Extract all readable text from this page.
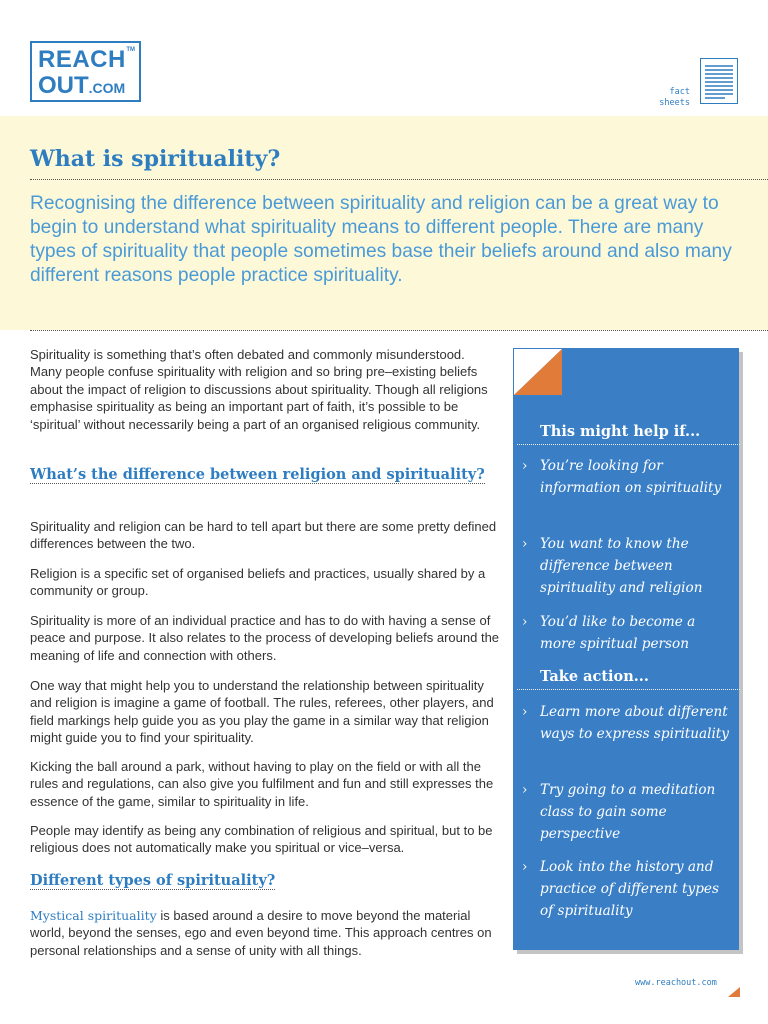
REACH TM
OUT.COM	fact
sheets
What is spirituality?

Recognising the difference between spirituality and religion can be a great way to begin to understand what spirituality means to different people. There are many types of spirituality that people sometimes base their beliefs around and also many different reasons people practice spirituality.

Spirituality is something that’s often debated and commonly misunderstood. Many people confuse spirituality with religion and so bring pre–existing beliefs about the impact of religion to discussions about spirituality. Though all religions emphasise spirituality as being an important part of faith, it’s possible to be ‘spiritual’ without necessarily being a part of an organised religious community.

What’s the difference between religion and spirituality?

Spirituality and religion can be hard to tell apart but there are some pretty defined differences between the two.

Religion is a specific set of organised beliefs and practices, usually shared by a community or group.

Spirituality is more of an individual practice and has to do with having a sense of peace and purpose. It also relates to the process of developing beliefs around the meaning of life and connection with others.

One way that might help you to understand the relationship between spirituality and religion is imagine a game of football. The rules, referees, other players, and field markings help guide you as you play the game in a similar way that religion might guide you to find your spirituality.

Kicking the ball around a park, without having to play on the field or with all the rules and regulations, can also give you fulfilment and fun and still expresses the essence of the game, similar to spirituality in life.

People may identify as being any combination of religious and spiritual, but to be religious does not automatically make you spiritual or vice–versa.

Different types of spirituality?

Mystical spirituality is based around a desire to move beyond the material world, beyond the senses, ego and even beyond time. This approach centres on personal relationships and a sense of unity with all things.

This might help if...
› You’re looking for information on spirituality
› You want to know the difference between spirituality and religion
› You’d like to become a more spiritual person
Take action...
› Learn more about different ways to express spirituality
› Try going to a meditation class to gain some perspective
› Look into the history and practice of different types of spirituality
www.reachout.com
